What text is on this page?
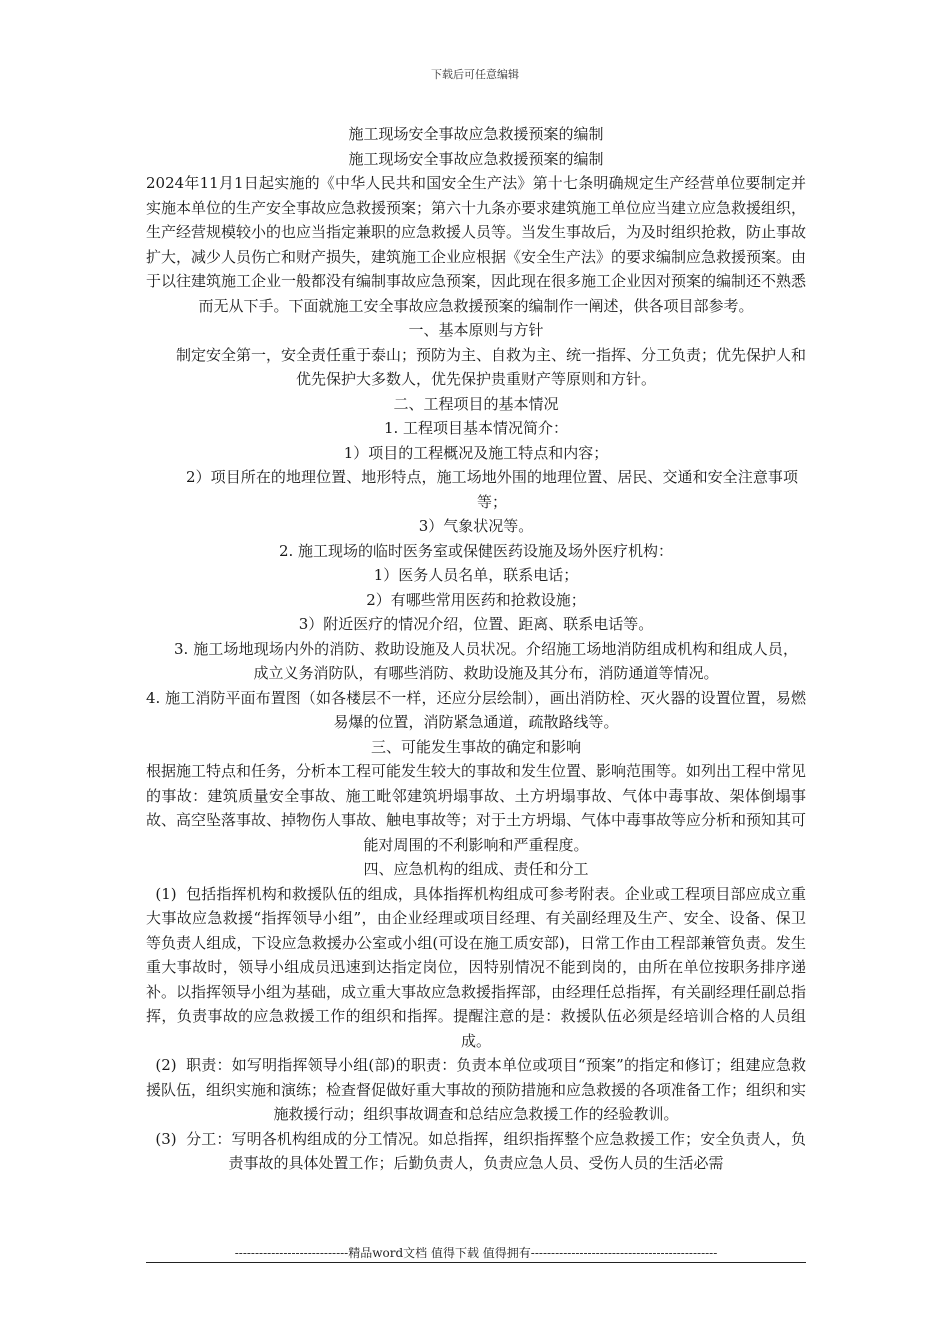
下载后可任意编辑

施工现场安全事故应急救援预案的编制

施工现场安全事故应急救援预案的编制

2024年11月1日起实施的《中华人民共和国安全生产法》第十七条明确规定生产经营单位要制定并实施本单位的生产安全事故应急救援预案；第六十九条亦要求建筑施工单位应当建立应急救援组织，生产经营规模较小的也应当指定兼职的应急救援人员等。当发生事故后，为及时组织抢救，防止事故扩大，减少人员伤亡和财产损失，建筑施工企业应根据《安全生产法》的要求编制应急救援预案。由于以往建筑施工企业一般都没有编制事故应急预案，因此现在很多施工企业因对预案的编制还不熟悉而无从下手。下面就施工安全事故应急救援预案的编制作一阐述，供各项目部参考。

一、基本原则与方针

制定安全第一，安全责任重于泰山；预防为主、自救为主、统一指挥、分工负责；优先保护人和优先保护大多数人，优先保护贵重财产等原则和方针。

二、工程项目的基本情况

1. 工程项目基本情况简介：

1）项目的工程概况及施工特点和内容；

2）项目所在的地理位置、地形特点，施工场地外围的地理位置、居民、交通和安全注意事项等；

3）气象状况等。

2. 施工现场的临时医务室或保健医药设施及场外医疗机构：

1）医务人员名单，联系电话；

2）有哪些常用医药和抢救设施；

3）附近医疗的情况介绍，位置、距离、联系电话等。

3. 施工场地现场内外的消防、救助设施及人员状况。介绍施工场地消防组成机构和组成人员，成立义务消防队，有哪些消防、救助设施及其分布，消防通道等情况。

4. 施工消防平面布置图（如各楼层不一样，还应分层绘制），画出消防栓、灭火器的设置位置，易燃易爆的位置，消防紧急通道，疏散路线等。

三、可能发生事故的确定和影响

根据施工特点和任务，分析本工程可能发生较大的事故和发生位置、影响范围等。如列出工程中常见的事故：建筑质量安全事故、施工毗邻建筑坍塌事故、土方坍塌事故、气体中毒事故、架体倒塌事故、高空坠落事故、掉物伤人事故、触电事故等；对于土方坍塌、气体中毒事故等应分析和预知其可能对周围的不利影响和严重程度。

四、应急机构的组成、责任和分工

(1) 包括指挥机构和救援队伍的组成，具体指挥机构组成可参考附表。企业或工程项目部应成立重大事故应急救援“指挥领导小组”，由企业经理或项目经理、有关副经理及生产、安全、设备、保卫等负责人组成，下设应急救援办公室或小组(可设在施工质安部)，日常工作由工程部兼管负责。发生重大事故时，领导小组成员迅速到达指定岗位，因特别情况不能到岗的，由所在单位按职务排序递补。以指挥领导小组为基础，成立重大事故应急救援指挥部，由经理任总指挥，有关副经理任副总指挥，负责事故的应急救援工作的组织和指挥。提醒注意的是：救援队伍必须是经培训合格的人员组成。

(2) 职责：如写明指挥领导小组(部)的职责：负责本单位或项目“预案”的指定和修订；组建应急救援队伍，组织实施和演练；检查督促做好重大事故的预防措施和应急救援的各项准备工作；组织和实施救援行动；组织事故调查和总结应急救援工作的经验教训。

(3) 分工：写明各机构组成的分工情况。如总指挥，组织指挥整个应急救援工作；安全负责人，负责事故的具体处置工作；后勤负责人，负责应急人员、受伤人员的生活必需

----------------------------精品word文档 值得下载 值得拥有----------------------------------------------
